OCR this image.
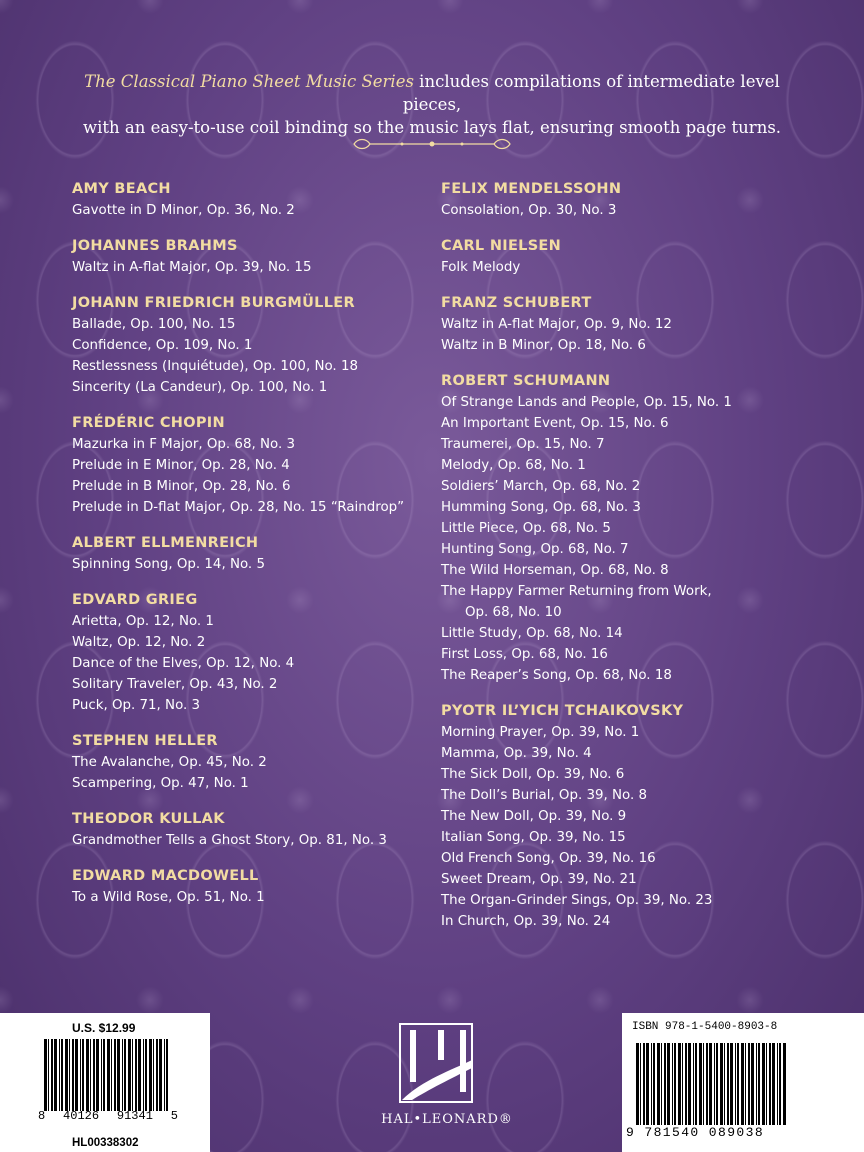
The Classical Piano Sheet Music Series includes compilations of intermediate level pieces,
with an easy-to-use coil binding so the music lays flat, ensuring smooth page turns.
AMY BEACH
Gavotte in D Minor, Op. 36, No. 2
JOHANNES BRAHMS
Waltz in A-flat Major, Op. 39, No. 15
JOHANN FRIEDRICH BURGMÜLLER
Ballade, Op. 100, No. 15
Confidence, Op. 109, No. 1
Restlessness (Inquiétude), Op. 100, No. 18
Sincerity (La Candeur), Op. 100, No. 1
FRÉDÉRIC CHOPIN
Mazurka in F Major, Op. 68, No. 3
Prelude in E Minor, Op. 28, No. 4
Prelude in B Minor, Op. 28, No. 6
Prelude in D-flat Major, Op. 28, No. 15 “Raindrop”
ALBERT ELLMENREICH
Spinning Song, Op. 14, No. 5
EDVARD GRIEG
Arietta, Op. 12, No. 1
Waltz, Op. 12, No. 2
Dance of the Elves, Op. 12, No. 4
Solitary Traveler, Op. 43, No. 2
Puck, Op. 71, No. 3
STEPHEN HELLER
The Avalanche, Op. 45, No. 2
Scampering, Op. 47, No. 1
THEODOR KULLAK
Grandmother Tells a Ghost Story, Op. 81, No. 3
EDWARD MACDOWELL
To a Wild Rose, Op. 51, No. 1
FELIX MENDELSSOHN
Consolation, Op. 30, No. 3
CARL NIELSEN
Folk Melody
FRANZ SCHUBERT
Waltz in A-flat Major, Op. 9, No. 12
Waltz in B Minor, Op. 18, No. 6
ROBERT SCHUMANN
Of Strange Lands and People, Op. 15, No. 1
An Important Event, Op. 15, No. 6
Traumerei, Op. 15, No. 7
Melody, Op. 68, No. 1
Soldiers’ March, Op. 68, No. 2
Humming Song, Op. 68, No. 3
Little Piece, Op. 68, No. 5
Hunting Song, Op. 68, No. 7
The Wild Horseman, Op. 68, No. 8
The Happy Farmer Returning from Work,
Op. 68, No. 10
Little Study, Op. 68, No. 14
First Loss, Op. 68, No. 16
The Reaper’s Song, Op. 68, No. 18
PYOTR IL’YICH TCHAIKOVSKY
Morning Prayer, Op. 39, No. 1
Mamma, Op. 39, No. 4
The Sick Doll, Op. 39, No. 6
The Doll’s Burial, Op. 39, No. 8
The New Doll, Op. 39, No. 9
Italian Song, Op. 39, No. 15
Old French Song, Op. 39, No. 16
Sweet Dream, Op. 39, No. 21
The Organ-Grinder Sings, Op. 39, No. 23
In Church, Op. 39, No. 24
U.S. $12.99
8 40126 91341 5
HL00338302
HAL•LEONARD®
ISBN 978-1-5400-8903-8
9 781540 089038
